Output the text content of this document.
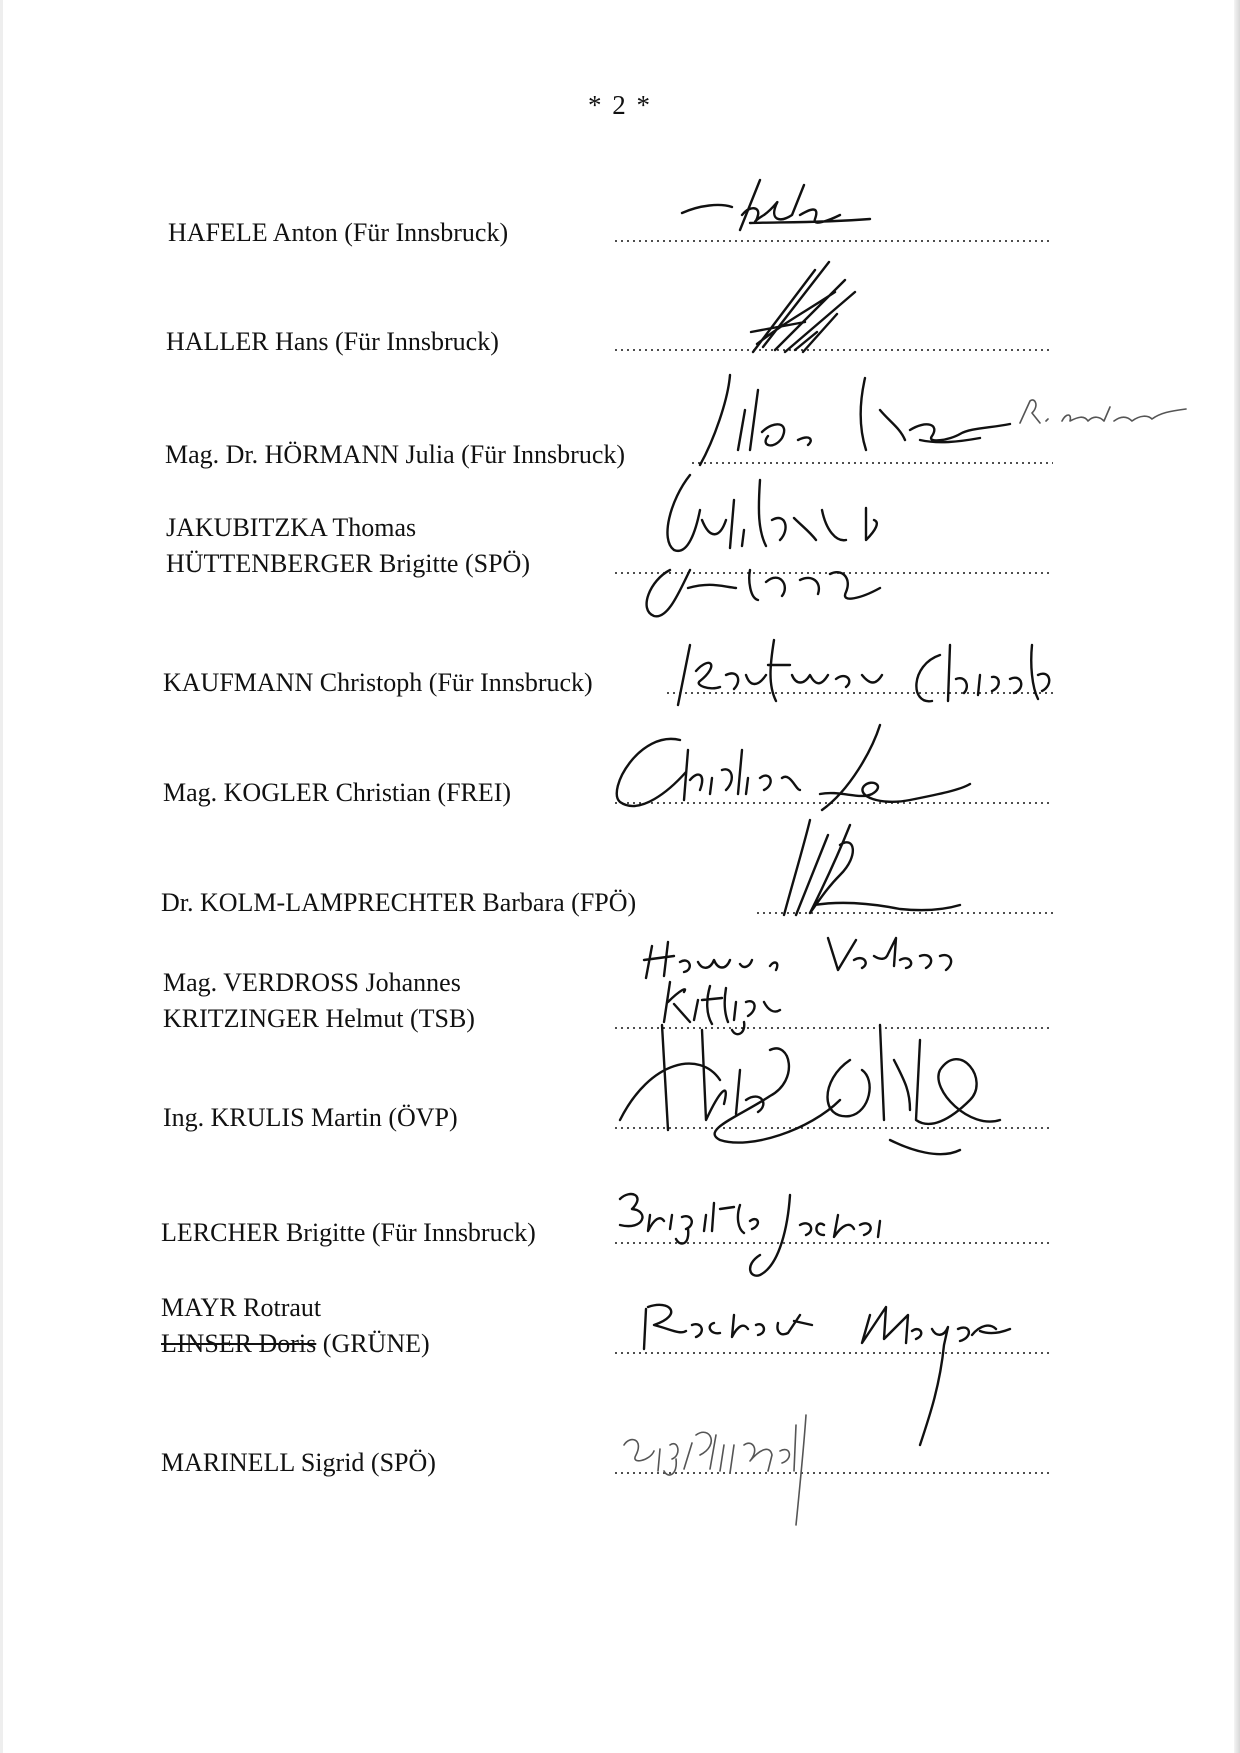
* 2 *
HAFELE Anton (Für Innsbruck)
HALLER Hans (Für Innsbruck)
Mag. Dr. HÖRMANN Julia (Für Innsbruck)
JAKUBITZKA Thomas
HÜTTENBERGER Brigitte (SPÖ)
KAUFMANN Christoph (Für Innsbruck)
Mag. KOGLER Christian (FREI)
Dr. KOLM-LAMPRECHTER Barbara (FPÖ)
Mag. VERDROSS Johannes
KRITZINGER Helmut (TSB)
Ing. KRULIS Martin (ÖVP)
LERCHER Brigitte (Für Innsbruck)
MAYR Rotraut
LINSER Doris (GRÜNE)
MARINELL Sigrid (SPÖ)
